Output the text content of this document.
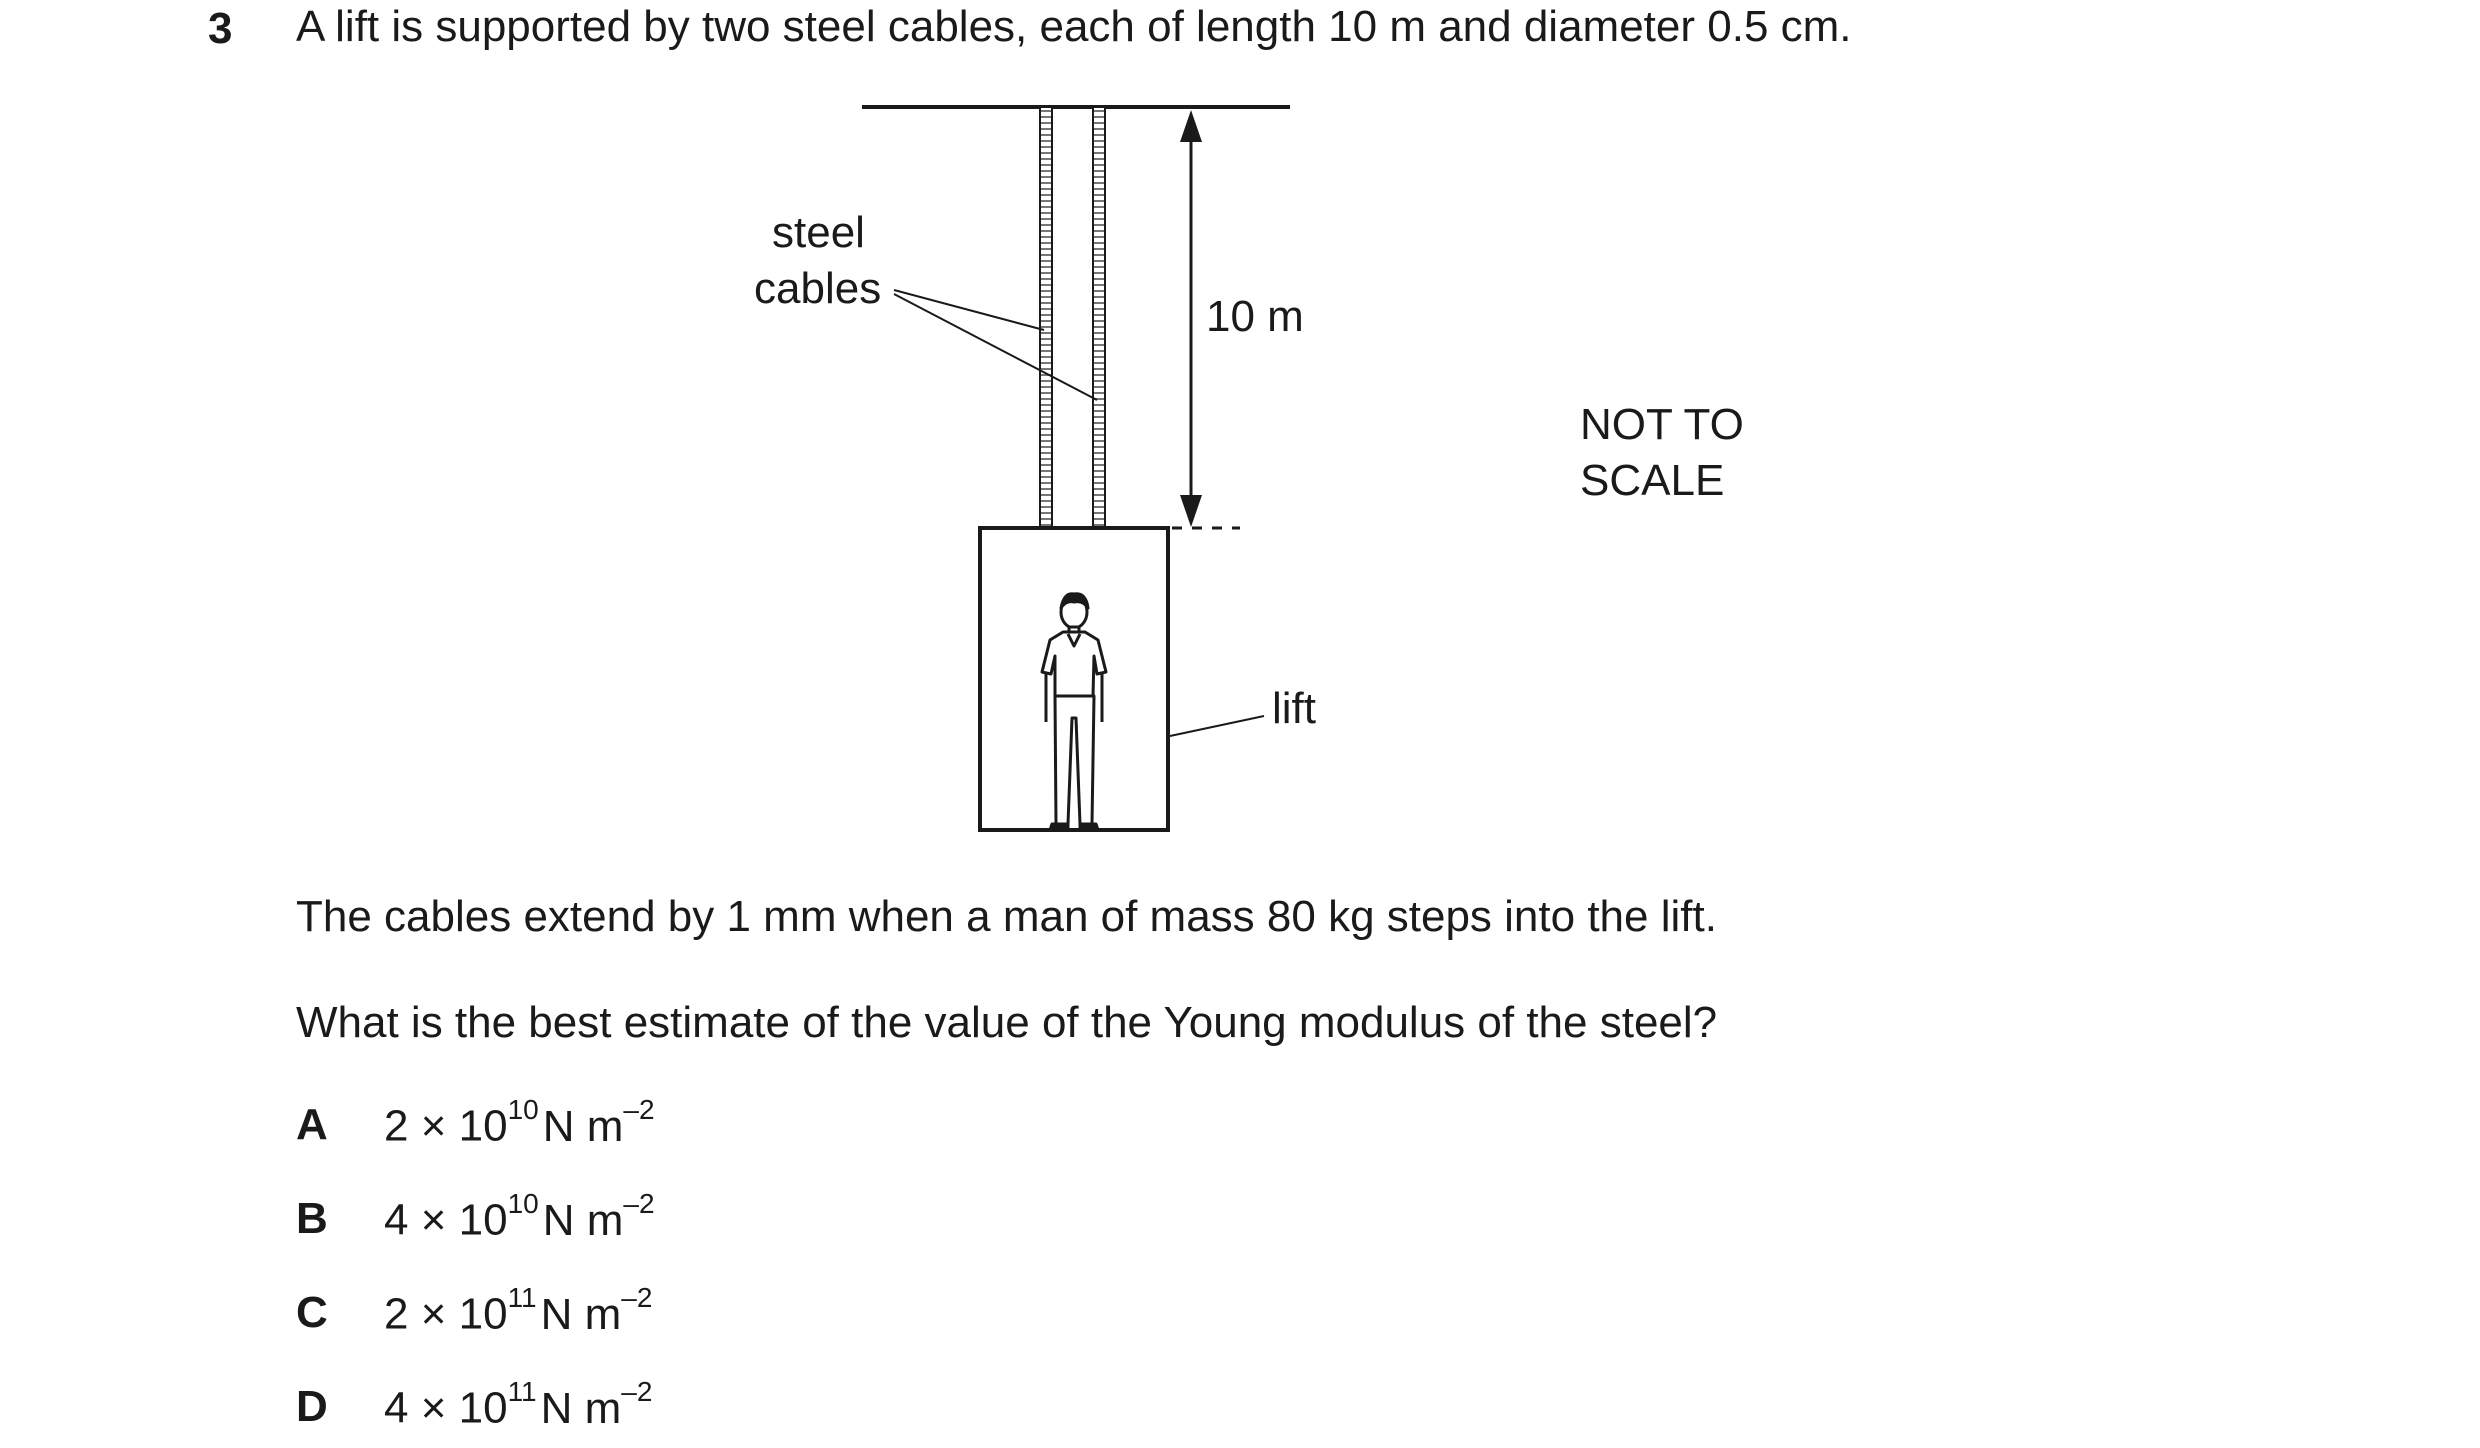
3 A lift is supported by two steel cables, each of length 10 m and diameter 0.5 cm.
steel
cables
10 m
lift
NOT TO
SCALE
The cables extend by 1 mm when a man of mass 80 kg steps into the lift.
What is the best estimate of the value of the Young modulus of the steel?
A $2 \times 10^{10}N$ $m^{-2}$
B $4 \times 10^{10}N$ $m^{-2}$
C $2 \times 10^{11}N$ $m^{-2}$
D $4 \times 10^{11}N$ $m^{-2}$
